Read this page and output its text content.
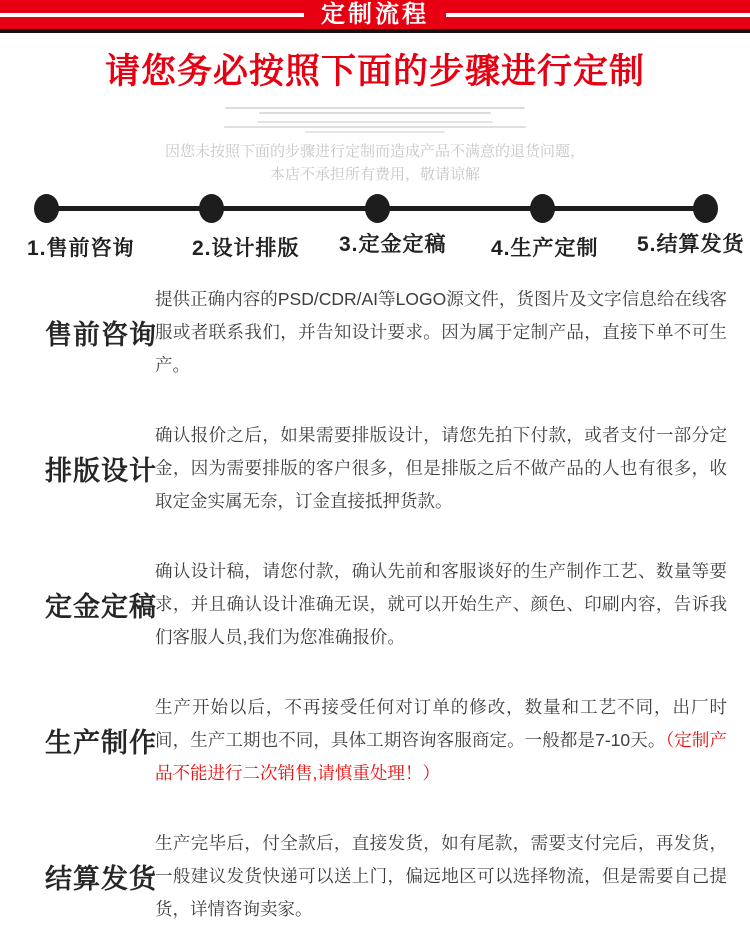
定制流程
请您务必按照下面的步骤进行定制
因您未按照下面的步骤进行定制而造成产品不满意的退货问题，
本店不承担所有费用，敬请谅解
1.售前咨询	2.设计排版 3.定金定稿 4.生产定制 5.结算发货
售前咨询

提供正确内容的PSD/CDR/AI等LOGO源文件，货图片及文字信息给在线客服或者联系我们，并告知设计要求。因为属于定制产品，直接下单不可生产。

排版设计

确认报价之后，如果需要排版设计，请您先拍下付款，或者支付一部分定金，因为需要排版的客户很多，但是排版之后不做产品的人也有很多，收取定金实属无奈，订金直接抵押货款。

定金定稿

确认设计稿，请您付款，确认先前和客服谈好的生产制作工艺、数量等要求，并且确认设计准确无误，就可以开始生产、颜色、印刷内容，告诉我们客服人员,我们为您准确报价。

生产制作

生产开始以后，不再接受任何对订单的修改，数量和工艺不同，出厂时间，生产工期也不同，具体工期咨询客服商定。一般都是7-10天。（定制产品不能进行二次销售,请慎重处理！）

结算发货

生产完毕后，付全款后，直接发货，如有尾款，需要支付完后，再发货，一般建议发货快递可以送上门，偏远地区可以选择物流，但是需要自己提货，详情咨询卖家。
